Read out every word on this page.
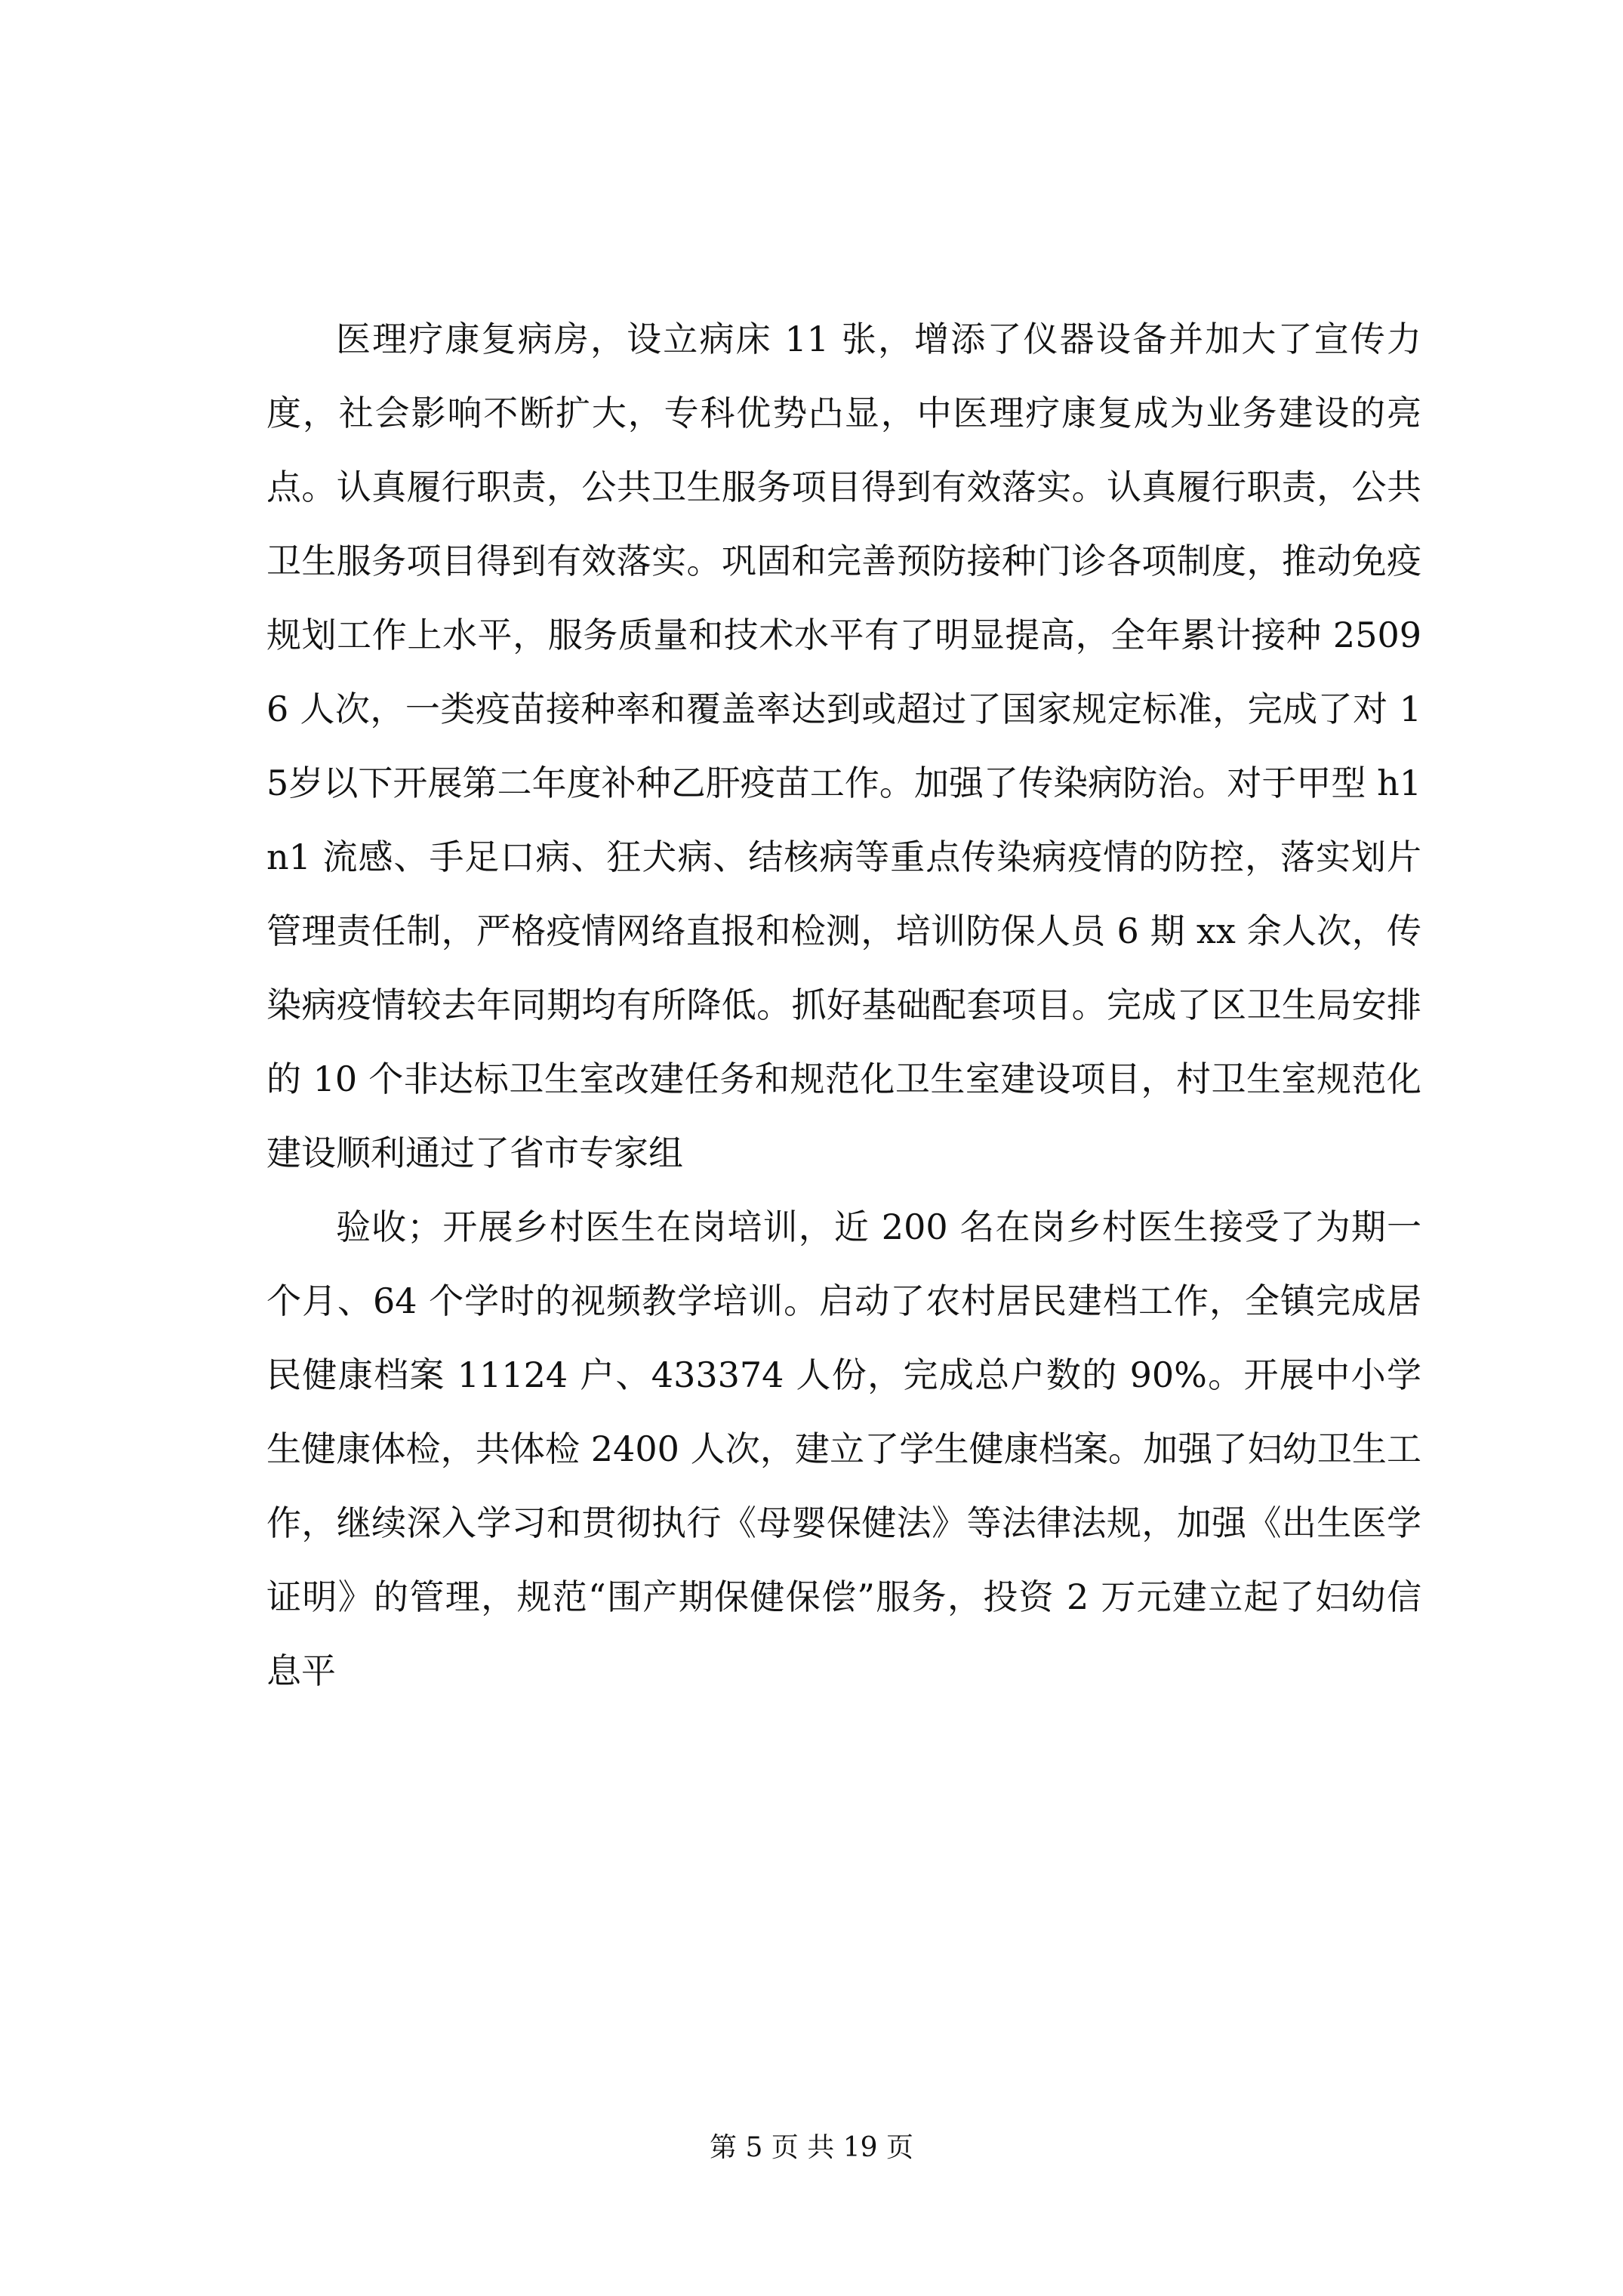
医理疗康复病房，设立病床 11 张，增添了仪器设备并加大了宣传力度，社会影响不断扩大，专科优势凸显，中医理疗康复成为业务建设的亮点。认真履行职责，公共卫生服务项目得到有效落实。认真履行职责，公共卫生服务项目得到有效落实。巩固和完善预防接种门诊各项制度，推动免疫规划工作上水平，服务质量和技术水平有了明显提高，全年累计接种 25096 人次，一类疫苗接种率和覆盖率达到或超过了国家规定标准，完成了对 15岁以下开展第二年度补种乙肝疫苗工作。加强了传染病防治。对于甲型 h1n1 流感、手足口病、狂犬病、结核病等重点传染病疫情的防控，落实划片管理责任制，严格疫情网络直报和检测，培训防保人员 6 期 xx 余人次，传染病疫情较去年同期均有所降低。抓好基础配套项目。完成了区卫生局安排的 10 个非达标卫生室改建任务和规范化卫生室建设项目，村卫生室规范化建设顺利通过了省市专家组

验收；开展乡村医生在岗培训，近 200 名在岗乡村医生接受了为期一个月、64 个学时的视频教学培训。启动了农村居民建档工作，全镇完成居民健康档案 11124 户、433374 人份，完成总户数的 90%。开展中小学生健康体检，共体检 2400 人次，建立了学生健康档案。加强了妇幼卫生工作，继续深入学习和贯彻执行《母婴保健法》等法律法规，加强《出生医学证明》的管理，规范“围产期保健保偿”服务，投资 2 万元建立起了妇幼信息平

第 5 页 共 19 页
